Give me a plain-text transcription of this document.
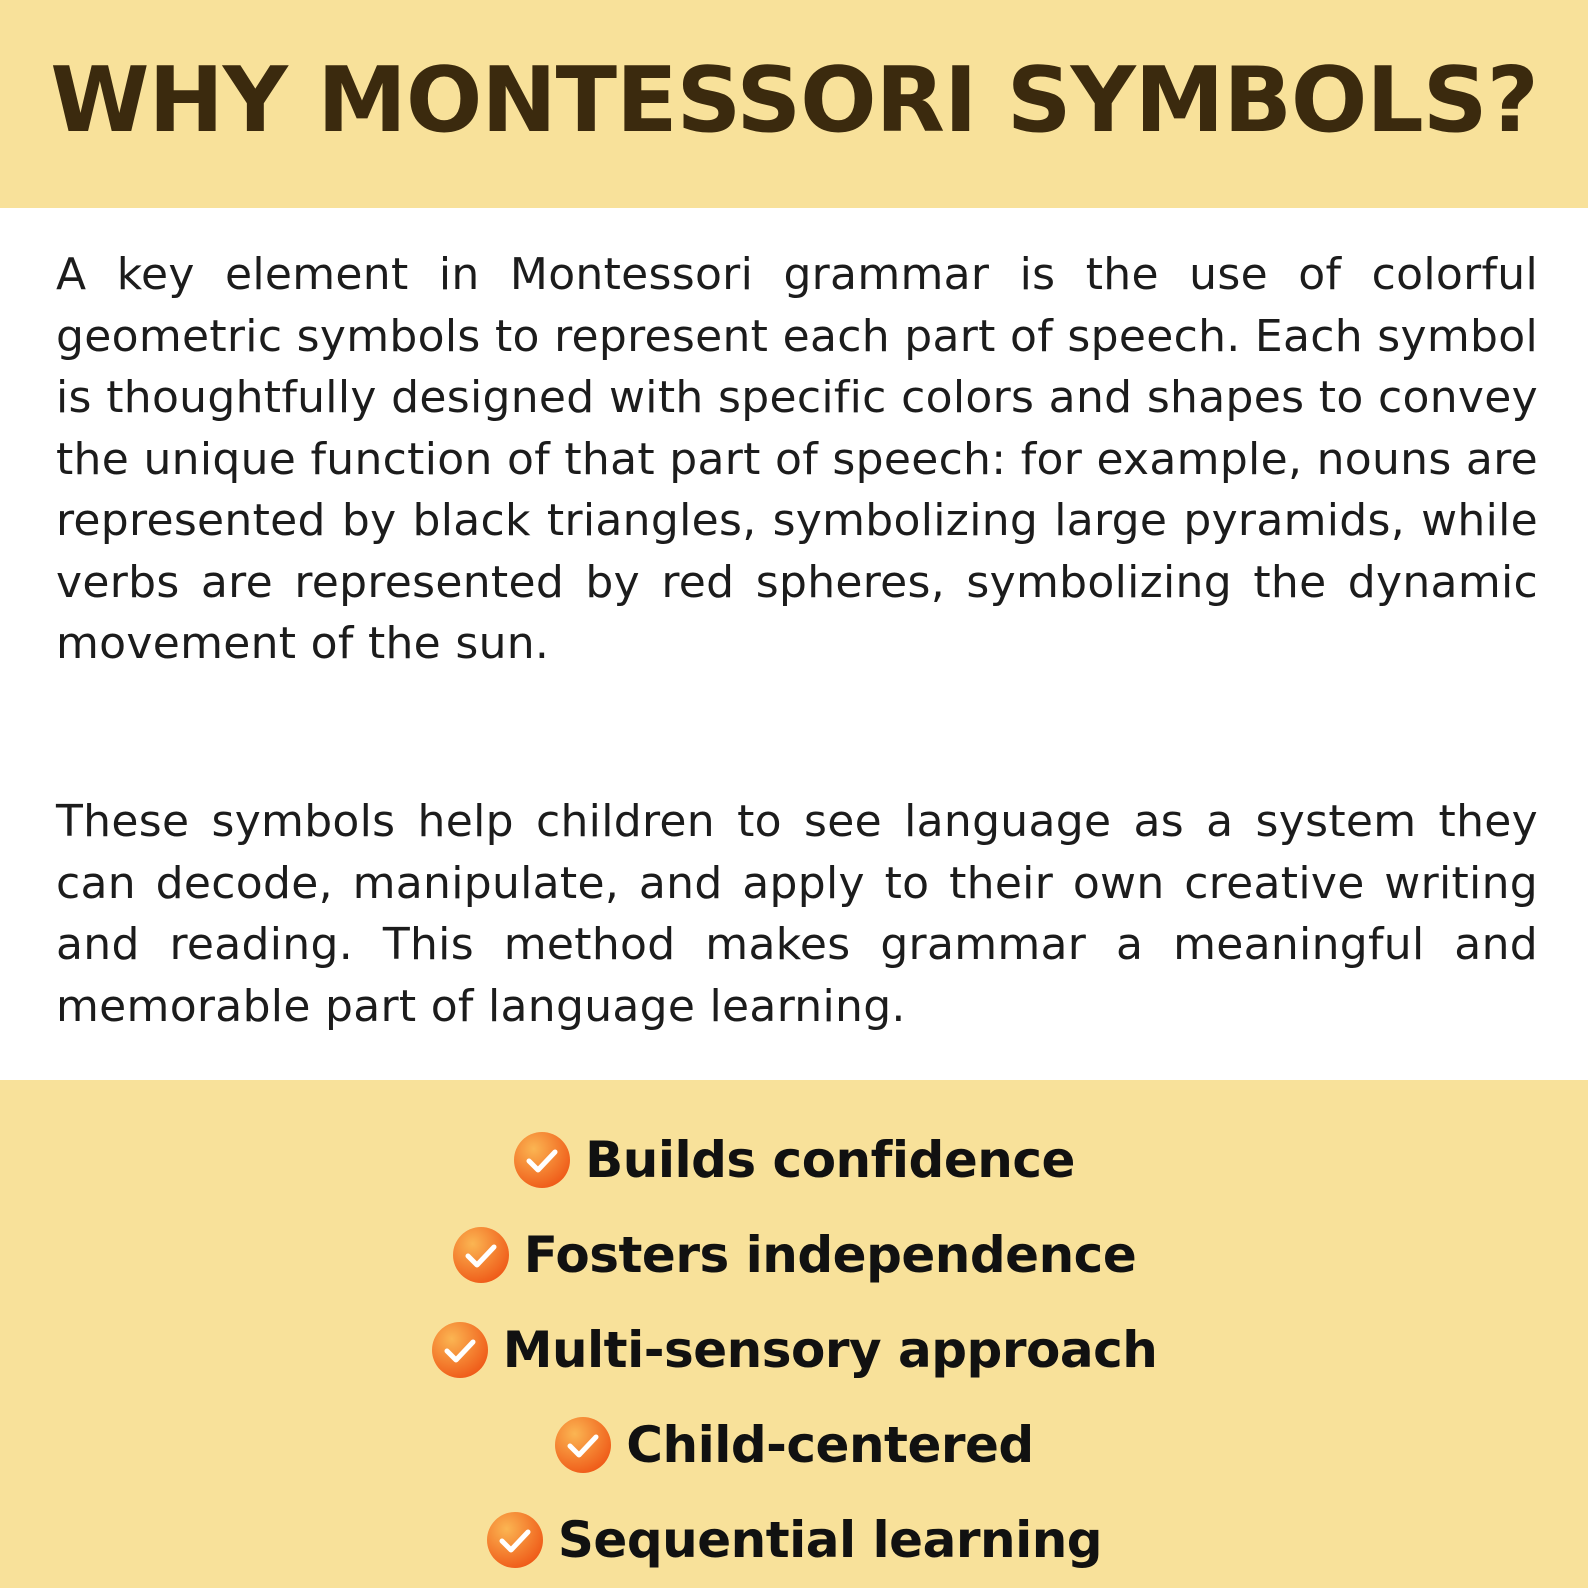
WHY MONTESSORI SYMBOLS?

A key element in Montessori grammar is the use of colorful geometric symbols to represent each part of speech. Each symbol is thoughtfully designed with specific colors and shapes to convey the unique function of that part of speech: for example, nouns are represented by black triangles, symbolizing large pyramids, while verbs are represented by red spheres, symbolizing the dynamic movement of the sun.

These symbols help children to see language as a system they can decode, manipulate, and apply to their own creative writing and reading. This method makes grammar a meaningful and memorable part of language learning.

Builds confidence
Fosters independence
Multi-sensory approach
Child-centered
Sequential learning
